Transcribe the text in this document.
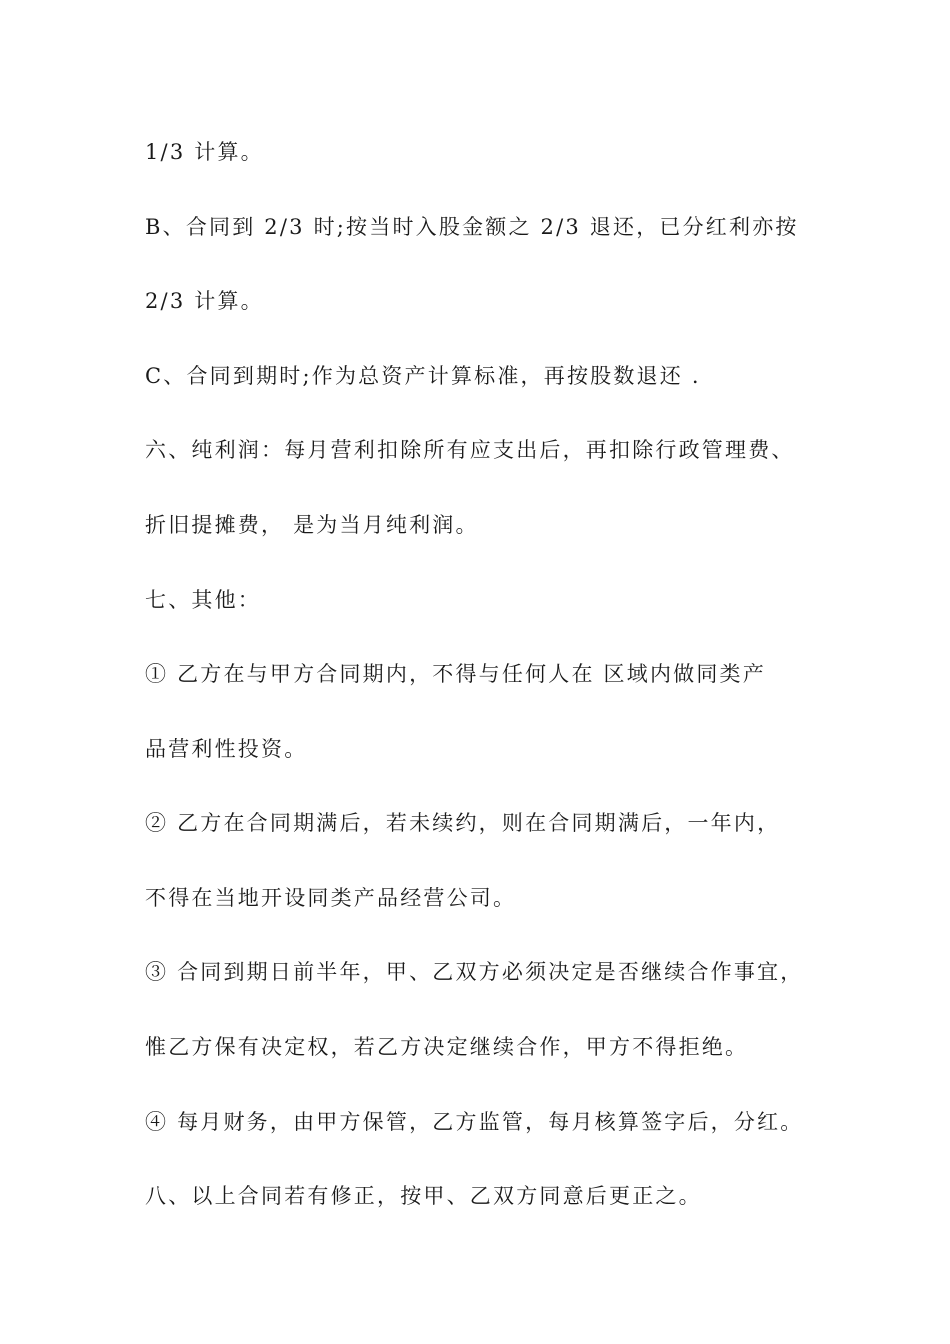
1/3 计算。

B、合同到 2/3 时;按当时入股金额之 2/3 退还，已分红利亦按

2/3 计算。

C、合同到期时;作为总资产计算标准，再按股数退还 .

六、纯利润：每月营利扣除所有应支出后，再扣除行政管理费、

折旧提摊费， 是为当月纯利润。

七、其他：

① 乙方在与甲方合同期内，不得与任何人在 区域内做同类产

品营利性投资。

② 乙方在合同期满后，若未续约，则在合同期满后，一年内，

不得在当地开设同类产品经营公司。

③ 合同到期日前半年，甲、乙双方必须决定是否继续合作事宜，

惟乙方保有决定权，若乙方决定继续合作，甲方不得拒绝。

④ 每月财务，由甲方保管，乙方监管，每月核算签字后，分红。

八、以上合同若有修正，按甲、乙双方同意后更正之。
